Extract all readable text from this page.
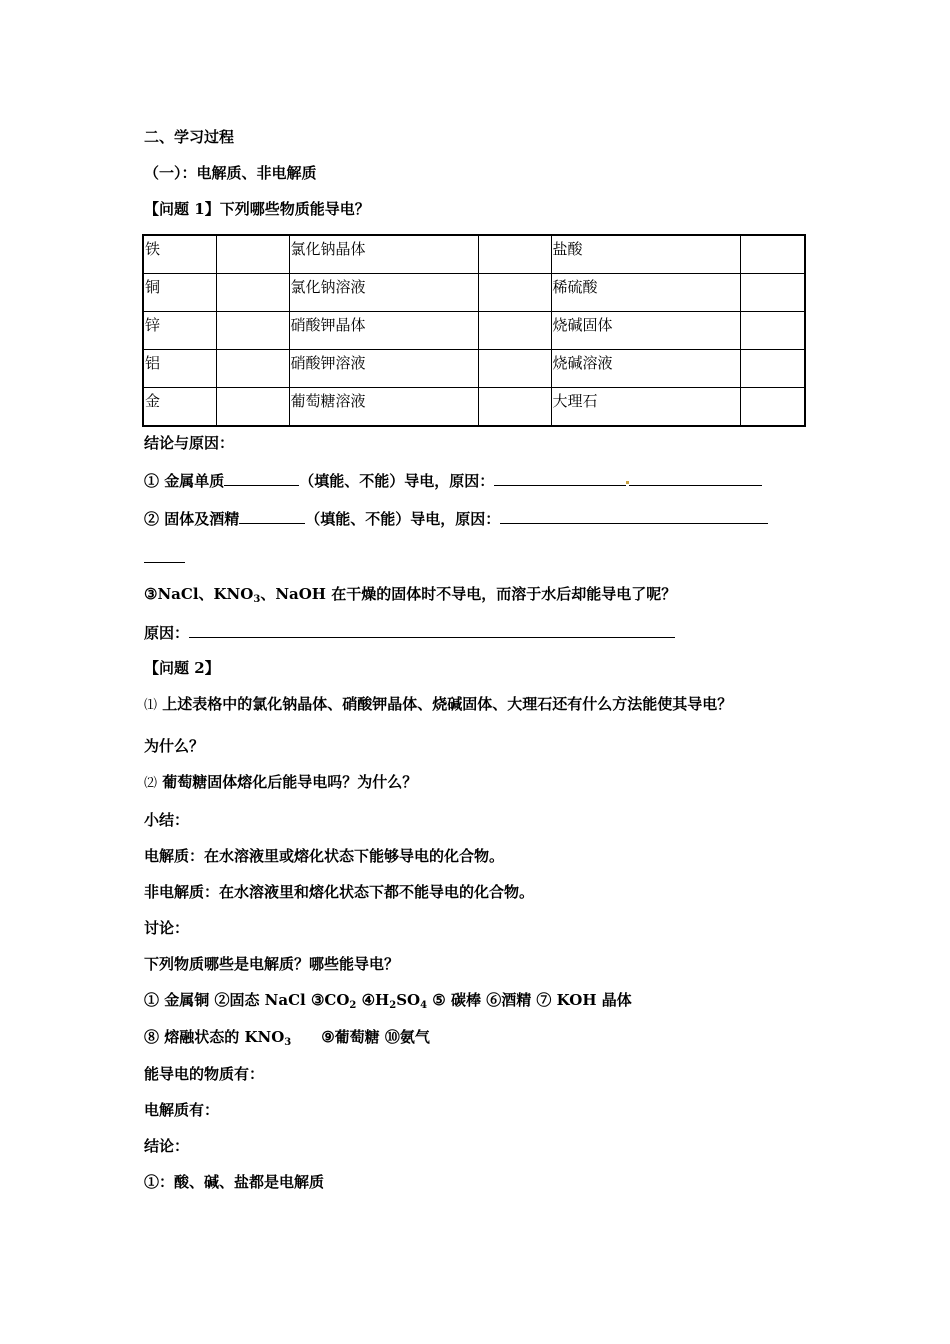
二、学习过程
（一）：电解质、非电解质
【问题 1】下列哪些物质能导电？
铁		氯化钠晶体		盐酸	
铜		氯化钠溶液		稀硫酸	
锌		硝酸钾晶体		烧碱固体	
铝		硝酸钾溶液		烧碱溶液	
金		葡萄糖溶液		大理石	
结论与原因：
① 金属单质	（填能、不能）导电，原因：
② 固体及酒精	（填能、不能）导电，原因：
③NaCl、$KNO_3$、NaOH 在干燥的固体时不导电，而溶于水后却能导电了呢？
原因：
【问题 2】
⑴ 上述表格中的氯化钠晶体、硝酸钾晶体、烧碱固体、大理石还有什么方法能使其导电？
为什么？
⑵ 葡萄糖固体熔化后能导电吗？为什么？
小结：
电解质：在水溶液里或熔化状态下能够导电的化合物。
非电解质：在水溶液里和熔化状态下都不能导电的化合物。
讨论：
下列物质哪些是电解质？哪些能导电？
① 金属铜 ②固态 NaCl $③CO_2$ $④H_2SO_4$ ⑤ 碳棒 ⑥酒精 ⑦ KOH 晶体
⑧ 熔融状态的 $KNO_3$ ⑨葡萄糖 ⑩氨气
能导电的物质有：
电解质有：
结论：
①：酸、碱、盐都是电解质
